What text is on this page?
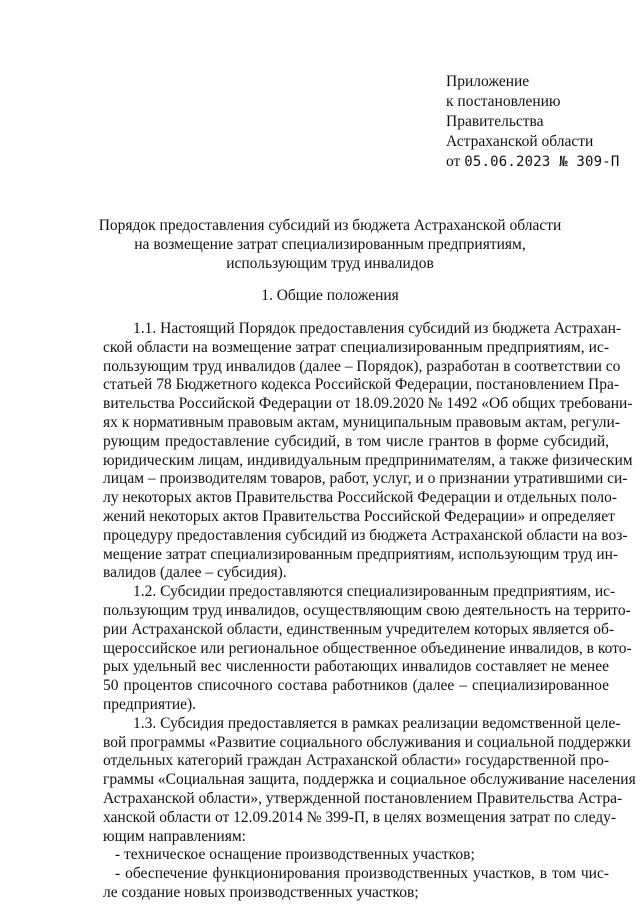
Приложение
к постановлению
Правительства
Астраханской области
от 05.06.2023 № 309-П
Порядок предоставления субсидий из бюджета Астраханской области
на возмещение затрат специализированным предприятиям,
использующим труд инвалидов
1. Общие положения
1.1. Настоящий Порядок предоставления субсидий из бюджета Астрахан-
ской области на возмещение затрат специализированным предприятиям, ис-
пользующим труд инвалидов (далее – Порядок), разработан в соответствии со
статьей 78 Бюджетного кодекса Российской Федерации, постановлением Пра-
вительства Российской Федерации от 18.09.2020 № 1492 «Об общих требовани-
ях к нормативным правовым актам, муниципальным правовым актам, регули-
рующим предоставление субсидий, в том числе грантов в форме субсидий,
юридическим лицам, индивидуальным предпринимателям, а также физическим
лицам – производителям товаров, работ, услуг, и о признании утратившими си-
лу некоторых актов Правительства Российской Федерации и отдельных поло-
жений некоторых актов Правительства Российской Федерации» и определяет
процедуру предоставления субсидий из бюджета Астраханской области на воз-
мещение затрат специализированным предприятиям, использующим труд ин-
валидов (далее – субсидия).
1.2. Субсидии предоставляются специализированным предприятиям, ис-
пользующим труд инвалидов, осуществляющим свою деятельность на террито-
рии Астраханской области, единственным учредителем которых является об-
щероссийское или региональное общественное объединение инвалидов, в кото-
рых удельный вес численности работающих инвалидов составляет не менее
50 процентов списочного состава работников (далее – специализированное
предприятие).
1.3. Субсидия предоставляется в рамках реализации ведомственной целе-
вой программы «Развитие социального обслуживания и социальной поддержки
отдельных категорий граждан Астраханской области» государственной про-
граммы «Социальная защита, поддержка и социальное обслуживание населения
Астраханской области», утвержденной постановлением Правительства Астра-
ханской области от 12.09.2014 № 399-П, в целях возмещения затрат по следу-
ющим направлениям:
- техническое оснащение производственных участков;
- обеспечение функционирования производственных участков, в том чис-
ле создание новых производственных участков;
